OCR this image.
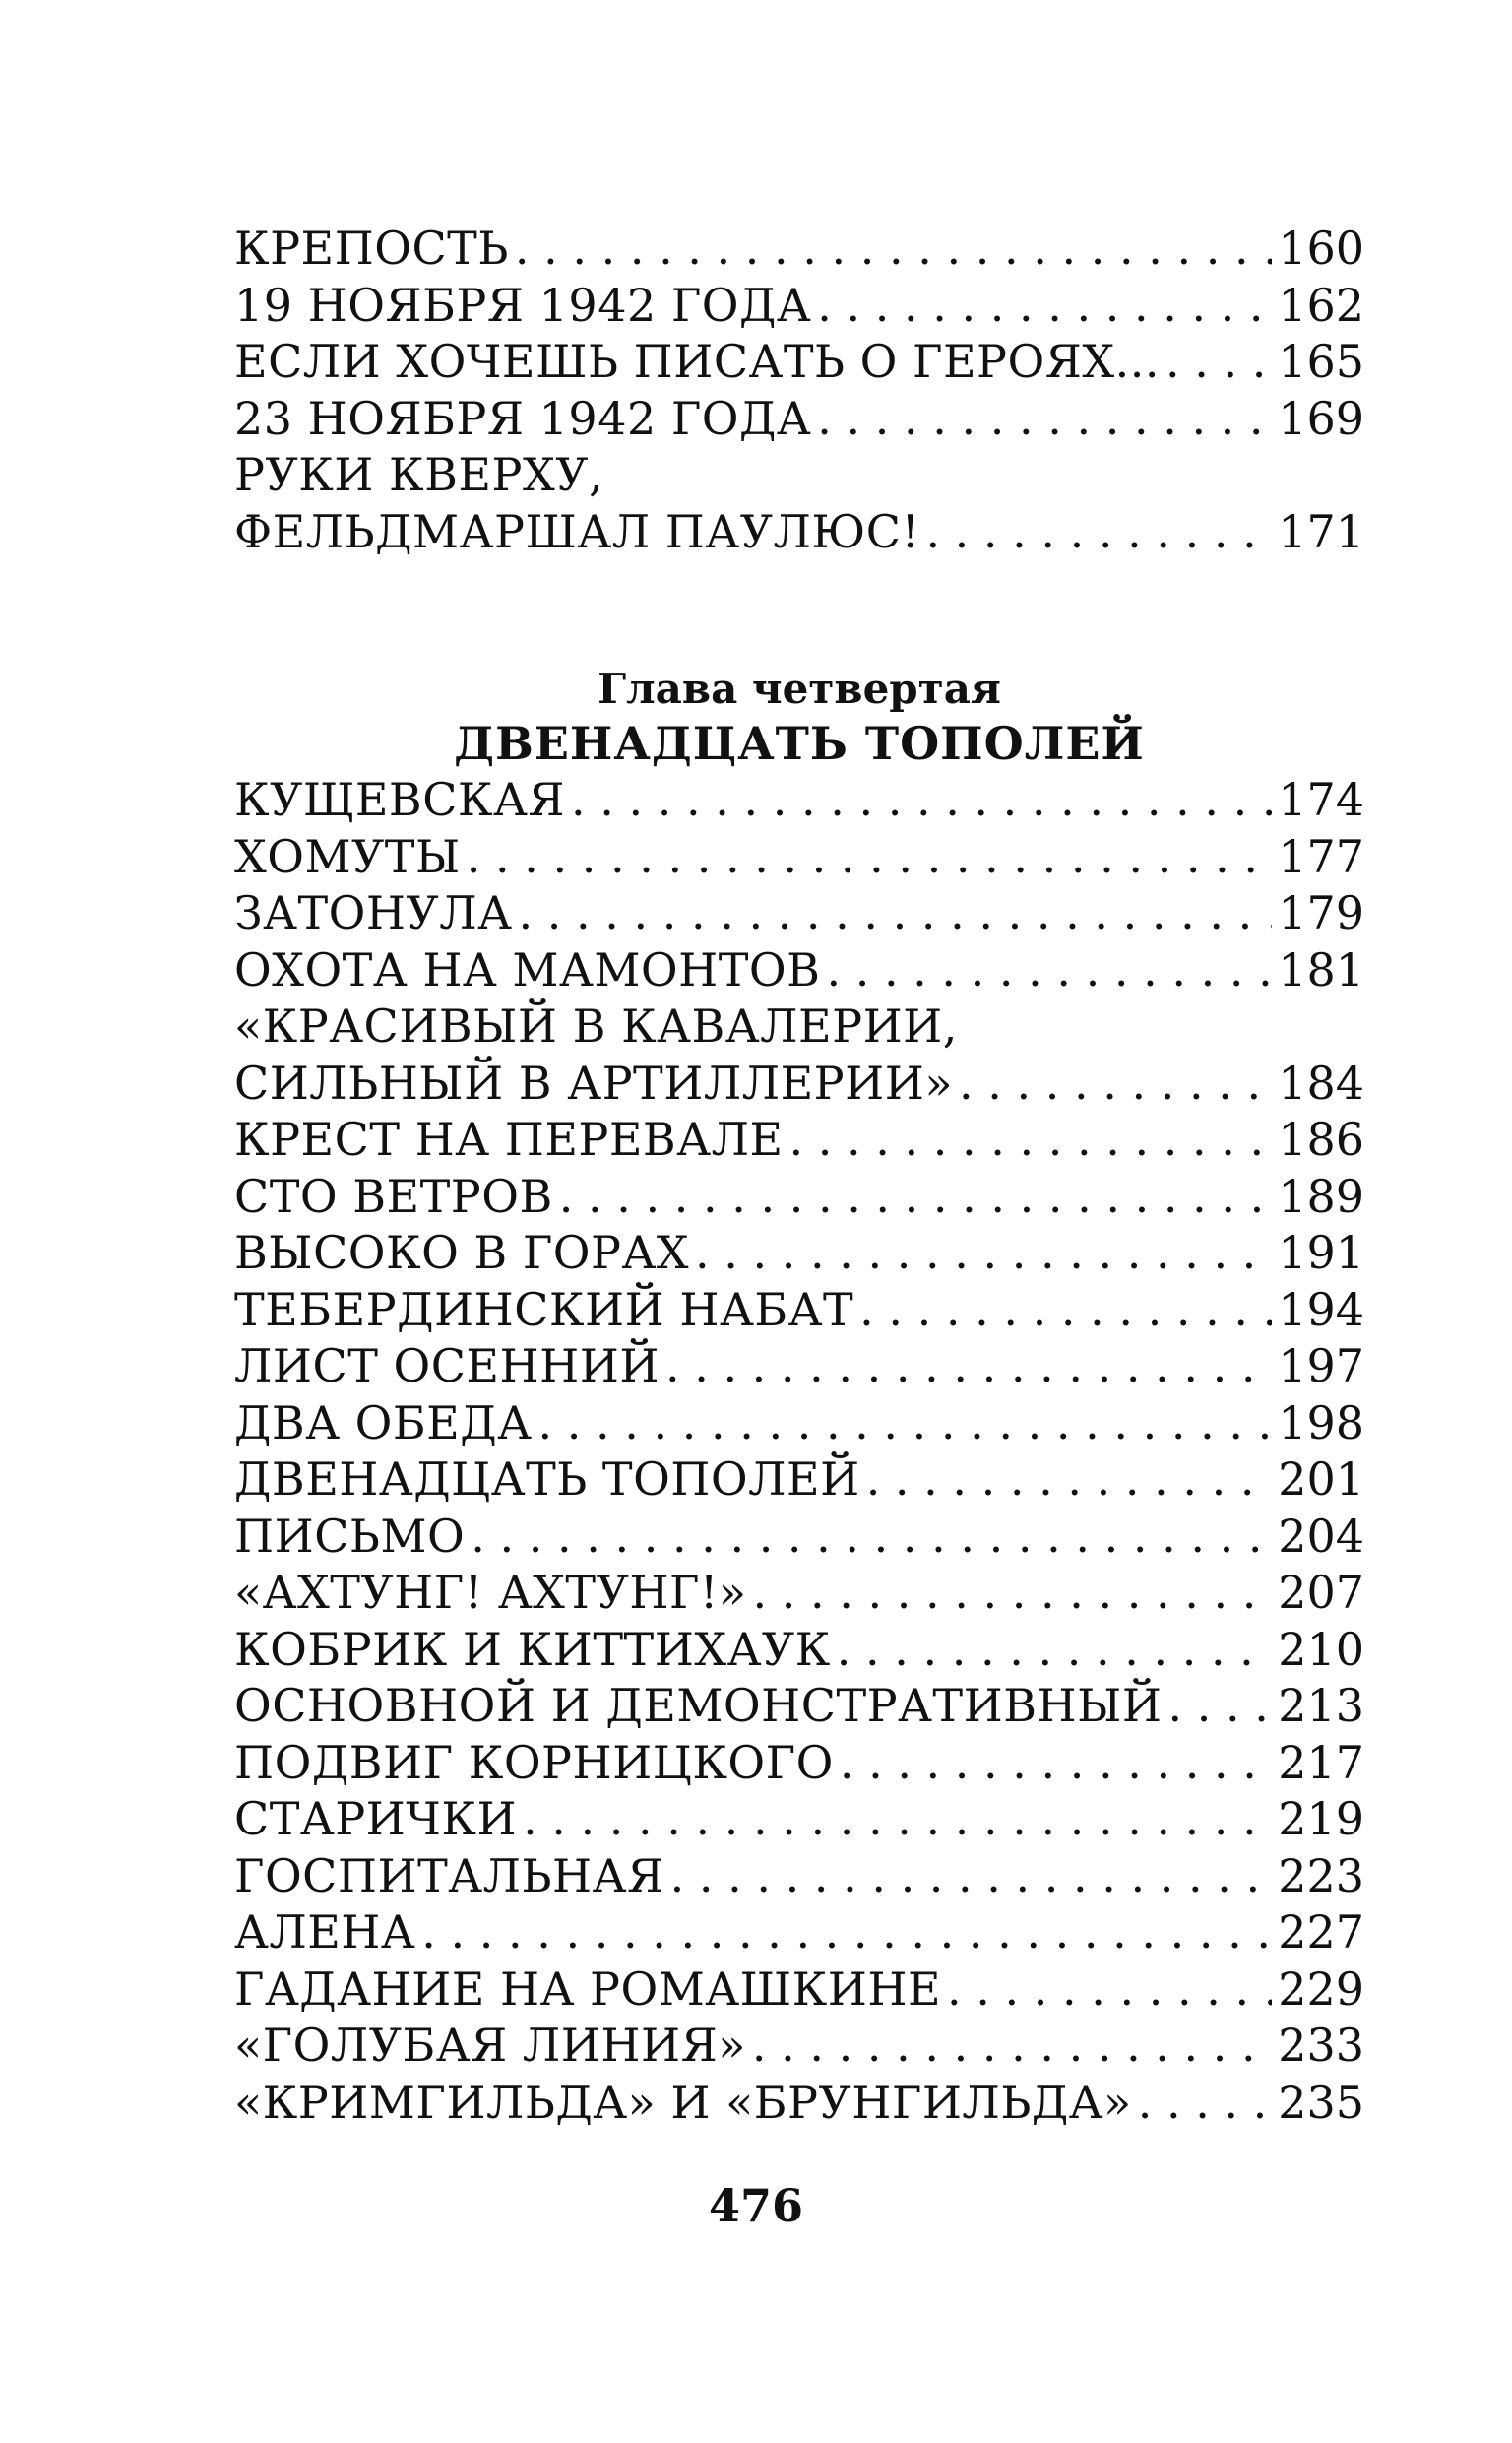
КРЕПОСТЬ . . .	160
19 НОЯБРЯ 1942 ГОДА . . .	162
ЕСЛИ ХОЧЕШЬ ПИСАТЬ О ГЕРОЯХ... . . .	165
23 НОЯБРЯ 1942 ГОДА . . .	169
РУКИ КВЕРХУ,
ФЕЛЬДМАРШАЛ ПАУЛЮС! . . .	171
Глава четвертая
ДВЕНАДЦАТЬ ТОПОЛЕЙ
КУЩЕВСКАЯ . . .	174
ХОМУТЫ . . .	177
ЗАТОНУЛА . . .	179
ОХОТА НА МАМОНТОВ . . .	181
«КРАСИВЫЙ В КАВАЛЕРИИ,
СИЛЬНЫЙ В АРТИЛЛЕРИИ» . . .	184
КРЕСТ НА ПЕРЕВАЛЕ . . .	186
СТО ВЕТРОВ . . .	189
ВЫСОКО В ГОРАХ . . .	191
ТЕБЕРДИНСКИЙ НАБАТ . . .	194
ЛИСТ ОСЕННИЙ . . .	197
ДВА ОБЕДА . . .	198
ДВЕНАДЦАТЬ ТОПОЛЕЙ . . .	201
ПИСЬМО . . .	204
«АХТУНГ! АХТУНГ!» . . .	207
КОБРИК И КИТТИХАУК . . .	210
ОСНОВНОЙ И ДЕМОНСТРАТИВНЫЙ . . .	213
ПОДВИГ КОРНИЦКОГО . . .	217
СТАРИЧКИ . . .	219
ГОСПИТАЛЬНАЯ . . .	223
АЛЕНА . . .	227
ГАДАНИЕ НА РОМАШКИНЕ . . .	229
«ГОЛУБАЯ ЛИНИЯ» . . .	233
«КРИМГИЛЬДА» И «БРУНГИЛЬДА» . . .	235
476
